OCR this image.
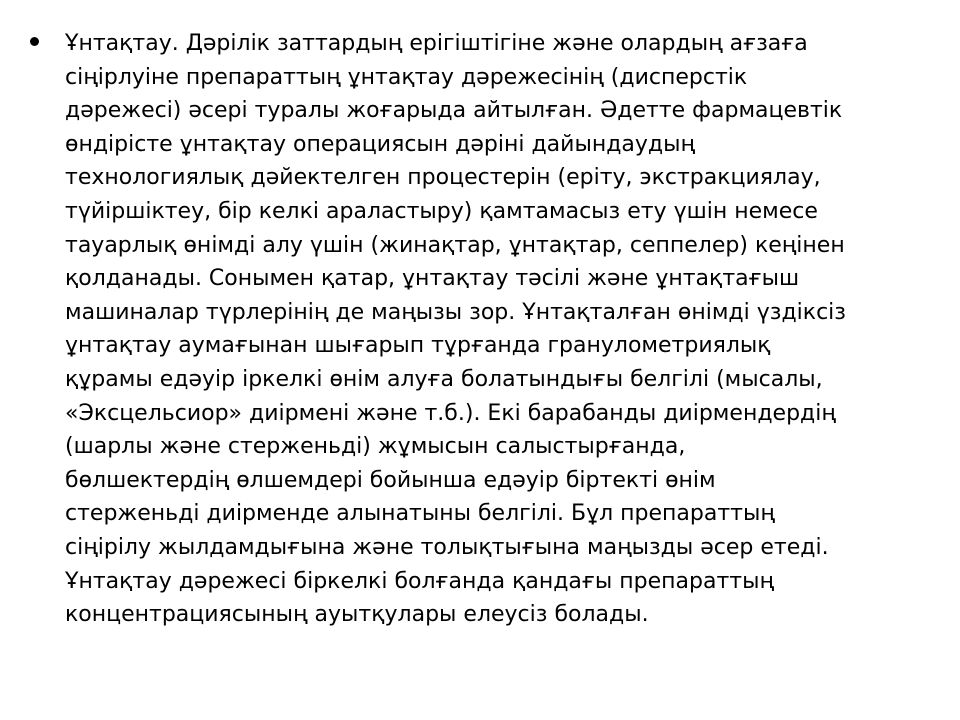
Ұнтақтау. Дәрілік заттардың ерігіштігіне және олардың ағзаға
сіңірлуіне препараттың ұнтақтау дәрежесінің (дисперстік
дәрежесі) әсері туралы жоғарыда айтылған. Әдетте фармацевтік
өндірісте ұнтақтау операциясын дәріні дайындаудың
технологиялық дәйектелген процестерін (еріту, экстракциялау,
түйіршіктеу, бір келкі араластыру) қамтамасыз ету үшін немесе
тауарлық өнімді алу үшін (жинақтар, ұнтақтар, сеппелер) кеңінен
қолданады. Сонымен қатар, ұнтақтау тәсілі және ұнтақтағыш
машиналар түрлерінің де маңызы зор. Ұнтақталған өнімді үздіксіз
ұнтақтау аумағынан шығарып тұрғанда гранулометриялық
құрамы едәуір іркелкі өнім алуға болатындығы белгілі (мысалы,
«Эксцельсиор» диірмені және т.б.). Екі барабанды диірмендердің
(шарлы және стерженьді) жұмысын салыстырғанда,
бөлшектердің өлшемдері бойынша едәуір біртекті өнім
стерженьді диірменде алынатыны белгілі. Бұл препараттың
сіңірілу жылдамдығына және толықтығына маңызды әсер етеді.
Ұнтақтау дәрежесі біркелкі болғанда қандағы препараттың
концентрациясының ауытқулары елеусіз болады.
